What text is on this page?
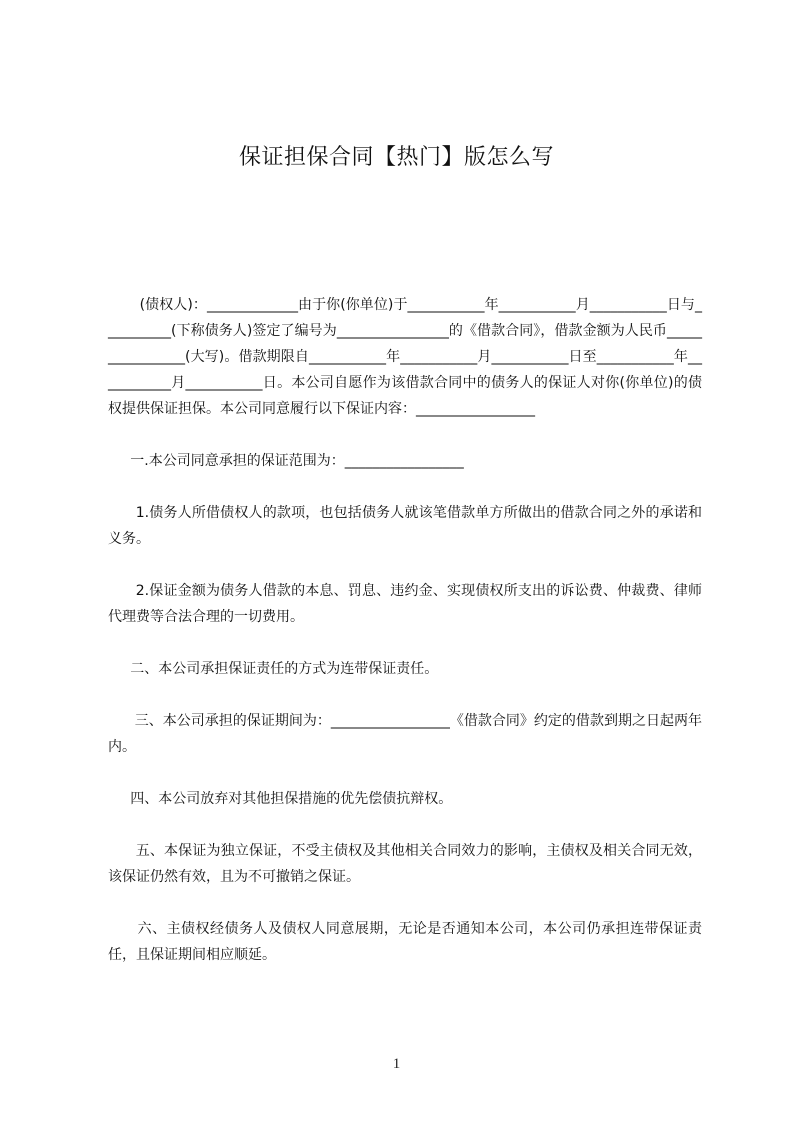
保证担保合同【热门】版怎么写

(债权人)：_____________由于你(你单位)于___________年___________月___________日与__________(下称债务人)签定了编号为________________的《借款合同》，借款金额为人民币________________(大写)。借款期限自___________年___________月___________日至___________年___________月___________日。本公司自愿作为该借款合同中的债务人的保证人对你(你单位)的债权提供保证担保。本公司同意履行以下保证内容：_________________

一.本公司同意承担的保证范围为：_________________

1.债务人所借债权人的款项，也包括债务人就该笔借款单方所做出的借款合同之外的承诺和义务。

2.保证金额为债务人借款的本息、罚息、违约金、实现债权所支出的诉讼费、仲裁费、律师代理费等合法合理的一切费用。

二、本公司承担保证责任的方式为连带保证责任。

三、本公司承担的保证期间为：_________________《借款合同》约定的借款到期之日起两年内。

四、本公司放弃对其他担保措施的优先偿债抗辩权。

五、本保证为独立保证，不受主债权及其他相关合同效力的影响，主债权及相关合同无效，该保证仍然有效，且为不可撤销之保证。

六、主债权经债务人及债权人同意展期，无论是否通知本公司，本公司仍承担连带保证责任，且保证期间相应顺延。

1
